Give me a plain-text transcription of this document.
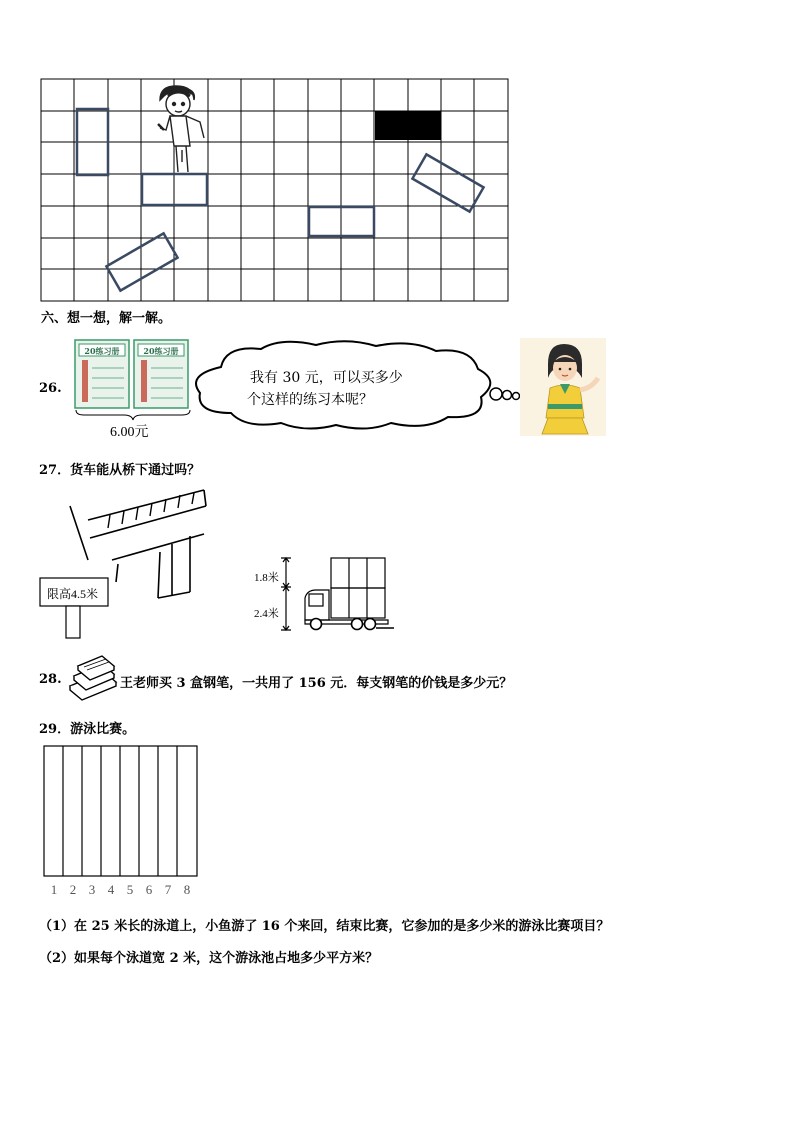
六、想一想，解一解。
26.
20练习册	20练习册
6.00元
我有 30 元，可以买多少
个这样的练习本呢？
27．货车能从桥下通过吗？
限高4.5米
1.8米
2.4米
28.	王老师买 3 盒钢笔，一共用了 156 元．每支钢笔的价钱是多少元？
29．游泳比赛。
1 2 3 4 5 6 7 8
（1）在 25 米长的泳道上，小鱼游了 16 个来回，结束比赛，它参加的是多少米的游泳比赛项目？
（2）如果每个泳道宽 2 米，这个游泳池占地多少平方米？
